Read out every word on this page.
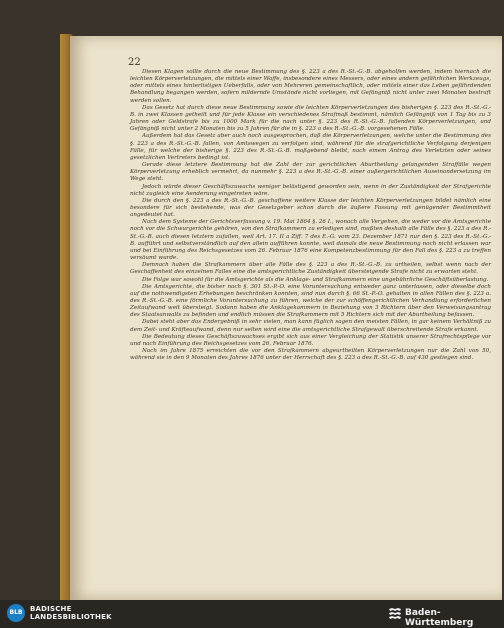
22

Diesen Klagen sollte durch die neue Bestimmung des §. 223 a des R.-St.-G.-B. abgeholfen werden, indem hiernach die leichten Körperverletzungen, die mittels einer Waffe, insbesondere eines Messers, oder eines andern gefährlichen Werkzeugs, oder mittels eines hinterlistigen Ueberfalls, oder von Mehreren gemeinschaftlich, oder mittels einer das Leben gefährdenden Behandlung begangen werden, sofern mildernde Umstände nicht vorliegen, mit Gefängniß nicht unter zwei Monaten bestraft werden sollen.

Das Gesetz hat durch diese neue Bestimmung sowie die leichten Körperverletzungen des bisherigen §. 223 des R.-St.-G.-B. in zwei Klassen getheilt und für jede Klasse ein verschiedenes Strafmaß bestimmt, nämlich Gefängniß von 1 Tag bis zu 3 Jahren oder Geldstrafe bis zu 1000 Mark für die nach unter §. 223 des R.-St.-G.-B. fallenden Körperverletzungen, und Gefängniß nicht unter 2 Monaten bis zu 5 Jahren für die in §. 223 a des R.-St.-G.-B. vorgesehenen Fälle.

Außerdem hat das Gesetz aber auch noch ausgesprochen, daß die Körperverletzungen, welche unter die Bestimmung des §. 223 a des R.-St.-G.-B. fallen, von Amtswegen zu verfolgen sind, während für die strafgerichtliche Verfolgung derjenigen Fälle, für welche der bisherige §. 223 des R.-St.-G.-B. maßgebend bleibt, nach einem Antrag des Verletzten oder seines gesetzlichen Vertreters bedingt ist.

Gerade diese letztere Bestimmung hat die Zahl der zur gerichtlichen Aburtheilung gelangenden Straffälle wegen Körperverletzung erheblich vermehrt, da nunmehr §. 223 a des R.-St.-G.-B. einer außergerichtlichen Auseinandersetzung im Wege steht.

Jedoch würde dieser Geschäftszuwachs weniger belästigend geworden sein, wenn in der Zuständigkeit der Strafgerichte nicht zugleich eine Aenderung eingetreten wäre.

Die durch den §. 223 a des R.-St.-G.-B. geschaffene weitere Klasse der leichten Körperverletzungen bildet nämlich eine besondere für sich bestehende, was der Gesetzgeber schon durch die äußere Fassung mit genügender Bestimmtheit angedeutet hat.

Nach dem Systeme der Gerichtsverfassung v. 19. Mai 1864 §. 26 I., wonach alle Vergehen, die weder vor die Amtsgerichte noch vor die Schwurgerichte gehören, von den Strafkammern zu erledigen sind, mußten deshalb alle Fälle des §. 223 a des R.-St.-G.-B. auch diesen letztern zufallen, weil Art. 17. II a Ziff. 7 des E.-G. vom 23. Dezember 1871 nur den §. 223 des R.-St.-G.-B. aufführt und selbstverständlich auf den allein aufführen konnte, weil damals die neue Bestimmung noch nicht erlassen war und bei Einführung des Reichsgesetzes vom 26. Februar 1876 eine Kompetenzbestimmung für den Fall des §. 223 a zu treffen versäumt wurde.

Demnach haben die Strafkammern über alle Fälle des §. 223 a des R.-St.-G.-B. zu urtheilen, selbst wenn nach der Geschaffenheit des einzelnen Falles eine die amtsgerichtliche Zuständigkeit übersteigende Strafe nicht zu erwarten steht.

Die Folge war sowohl für die Amtsgerichte als die Anklage- und Strafkammern eine ungebührliche Geschäftsüberlastung.

Die Amtsgerichte, die bisher nach §. 301 St.-P.-O. eine Voruntersuchung entweder ganz unterlassen, oder dieselbe doch auf die nothwendigsten Erhebungen beschränken konnten, sind nun durch §. 66 St.-P.-O. gehalten in allen Fällen des §. 223 a. des R.-St.-G.-B. eine förmliche Voruntersuchung zu führen, welche der zur schöffengerichtlichen Verhandlung erforderlichen Zeitaufwand weit übersteigt. Sodann haben die Anklagekammern in Beziehung von 3 Richtern über den Verweisungsantrag des Staatsanwalts zu befinden und endlich müssen die Strafkammern mit 5 Richtern sich mit der Aburtheilung befassen.

Dabei steht aber das Endergebniß in sehr vielen, man kann füglich sagen den meisten Fällen, in gar keinem Verhältniß zu dem Zeit- und Kräfteaufwand, denn nur selten wird eine die amtsgerichtliche Strafgewalt überschreitende Strafe erkannt.

Die Bedeutung dieses Geschäftszuwachses ergibt sich aus einer Vergleichung der Statistik unserer Strafrechtspflege vor und nach Einführung des Reichsgesetzes vom 26. Februar 1876.

Nach im Jahre 1875 erreichten die vor den Strafkammern abgeurtheilten Körperverletzungen nur die Zahl von 50, während sie in den 9 Monaten des Jahres 1876 unter der Herrschaft des §. 223 a des R.-St.-G.-B. auf 430 gestiegen sind.

BLB	BADISCHE
LANDESBIBLIOTHEK	Baden-Württemberg
